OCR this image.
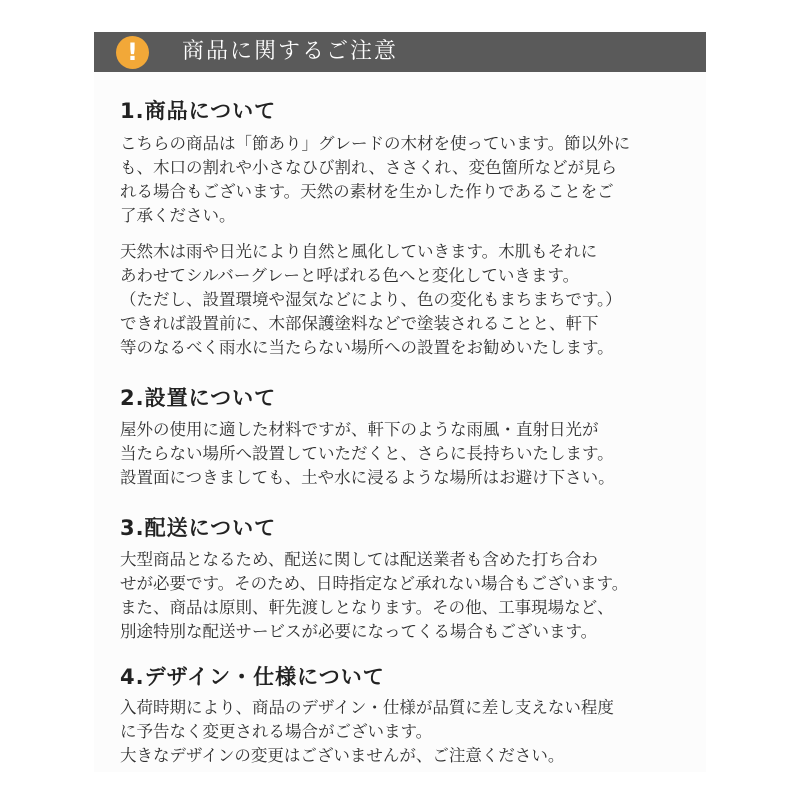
!	商品に関するご注意
1.商品について
こちらの商品は「節あり」グレードの木材を使っています。節以外に
も、木口の割れや小さなひび割れ、ささくれ、変色箇所などが見ら
れる場合もございます。天然の素材を生かした作りであることをご
了承ください。
天然木は雨や日光により自然と風化していきます。木肌もそれに
あわせてシルバーグレーと呼ばれる色へと変化していきます。
（ただし、設置環境や湿気などにより、色の変化もまちまちです。）
できれば設置前に、木部保護塗料などで塗装されることと、軒下
等のなるべく雨水に当たらない場所への設置をお勧めいたします。
2.設置について
屋外の使用に適した材料ですが、軒下のような雨風・直射日光が
当たらない場所へ設置していただくと、さらに長持ちいたします。
設置面につきましても、土や水に浸るような場所はお避け下さい。
3.配送について
大型商品となるため、配送に関しては配送業者も含めた打ち合わ
せが必要です。そのため、日時指定など承れない場合もございます。
また、商品は原則、軒先渡しとなります。その他、工事現場など、
別途特別な配送サービスが必要になってくる場合もございます。
4.デザイン・仕様について
入荷時期により、商品のデザイン・仕様が品質に差し支えない程度
に予告なく変更される場合がございます。
大きなデザインの変更はございませんが、ご注意ください。
